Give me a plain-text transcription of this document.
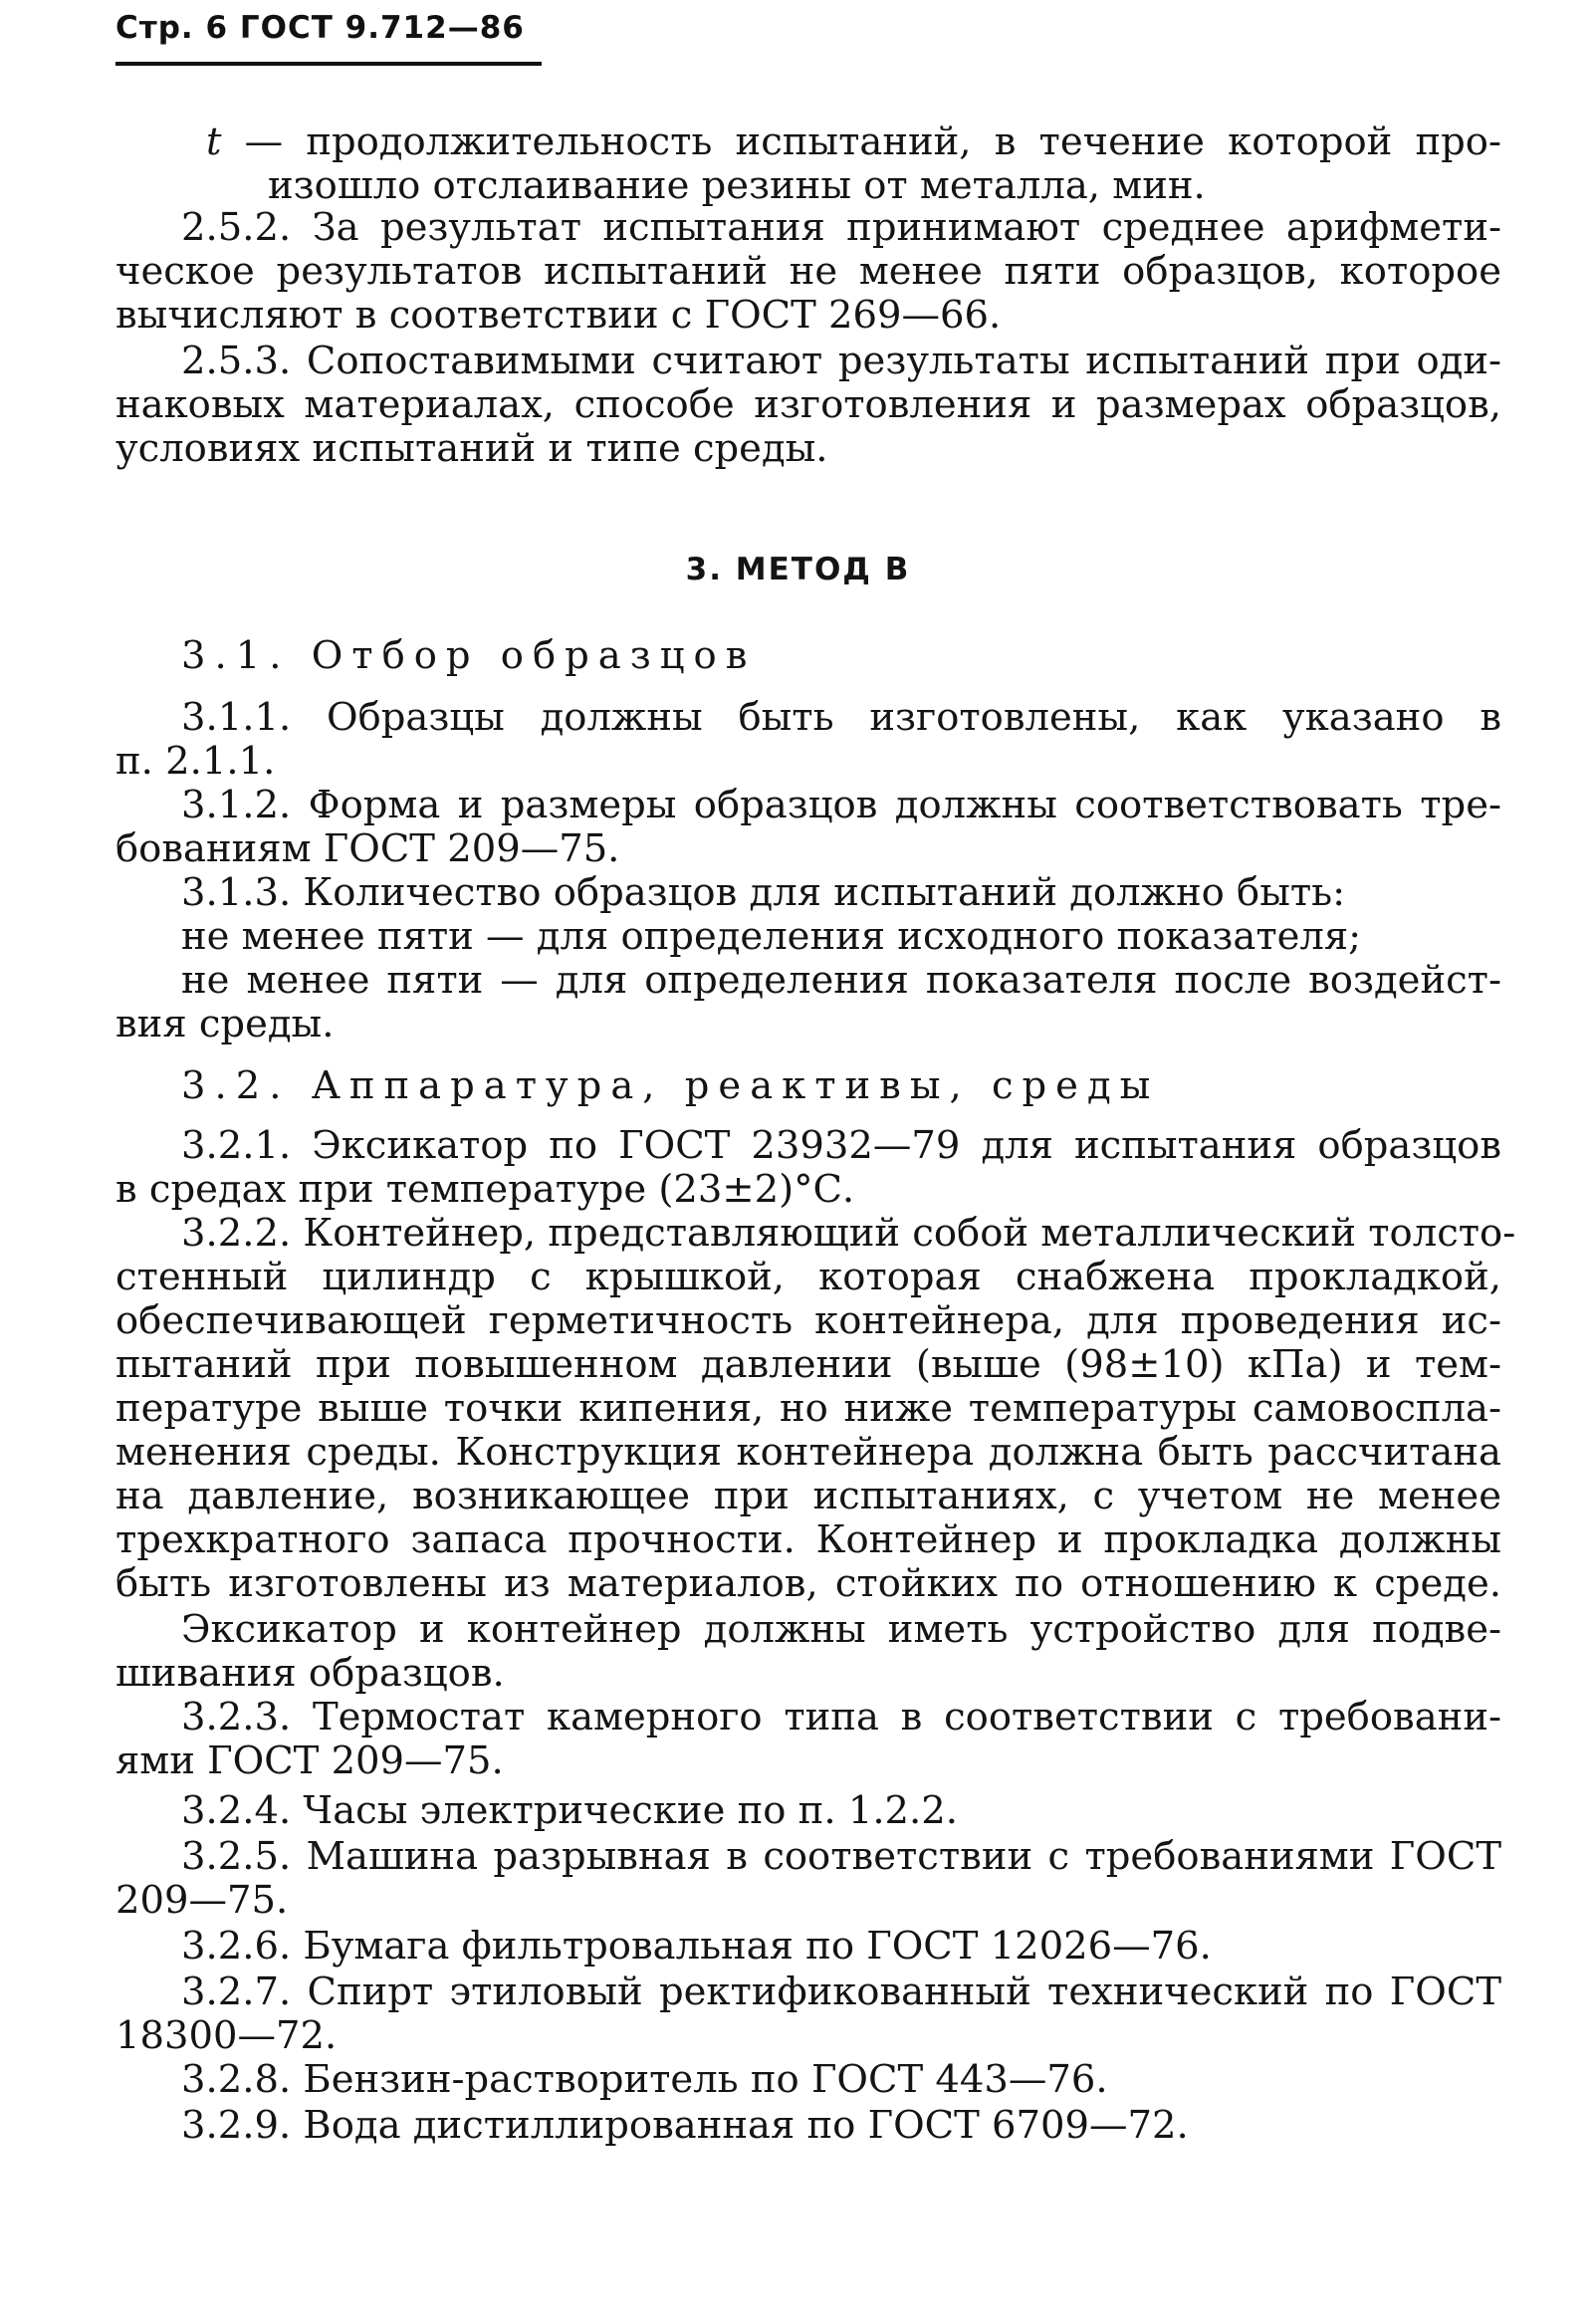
Стр. 6 ГОСТ 9.712—86
t — продолжительность испытаний, в течение которой про-
изошло отслаивание резины от металла, мин.
2.5.2. За результат испытания принимают среднее арифмети-
ческое результатов испытаний не менее пяти образцов, которое
вычисляют в соответствии с ГОСТ 269—66.
2.5.3. Сопоставимыми считают результаты испытаний при оди-
наковых материалах, способе изготовления и размерах образцов,
условиях испытаний и типе среды.
3. МЕТОД В
3.1. Отбор образцов
3.1.1. Образцы должны быть изготовлены, как указано в
п. 2.1.1.
3.1.2. Форма и размеры образцов должны соответствовать тре-
бованиям ГОСТ 209—75.
3.1.3. Количество образцов для испытаний должно быть:
не менее пяти — для определения исходного показателя;
не менее пяти — для определения показателя после воздейст-
вия среды.
3.2. Аппаратура, реактивы, среды
3.2.1. Эксикатор по ГОСТ 23932—79 для испытания образцов
в средах при температуре (23±2)°С.
3.2.2. Контейнер, представляющий собой металлический толсто-
стенный цилиндр с крышкой, которая снабжена прокладкой,
обеспечивающей герметичность контейнера, для проведения ис-
пытаний при повышенном давлении (выше (98±10) кПа) и тем-
пературе выше точки кипения, но ниже температуры самовоспла-
менения среды. Конструкция контейнера должна быть рассчитана
на давление, возникающее при испытаниях, с учетом не менее
трехкратного запаса прочности. Контейнер и прокладка должны
быть изготовлены из материалов, стойких по отношению к среде.
Эксикатор и контейнер должны иметь устройство для подве-
шивания образцов.
3.2.3. Термостат камерного типа в соответствии с требовани-
ями ГОСТ 209—75.
3.2.4. Часы электрические по п. 1.2.2.
3.2.5. Машина разрывная в соответствии с требованиями ГОСТ
209—75.
3.2.6. Бумага фильтровальная по ГОСТ 12026—76.
3.2.7. Спирт этиловый ректификованный технический по ГОСТ
18300—72.
3.2.8. Бензин-растворитель по ГОСТ 443—76.
3.2.9. Вода дистиллированная по ГОСТ 6709—72.
